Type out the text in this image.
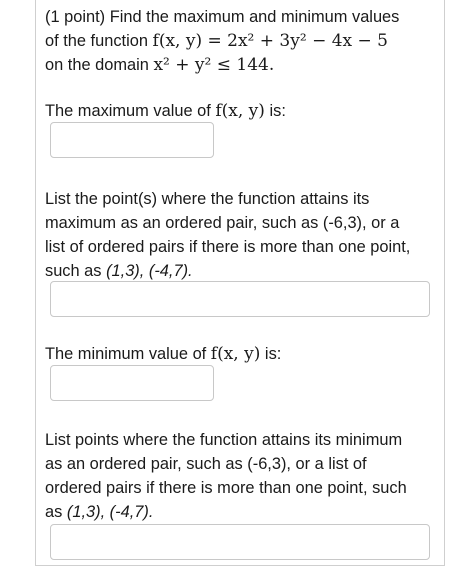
(1 point) Find the maximum and minimum values
of the function f(x, y) = 2x² + 3y² − 4x − 5
on the domain x² + y² ≤ 144.
The maximum value of f(x, y) is:
List the point(s) where the function attains its
maximum as an ordered pair, such as (-6,3), or a
list of ordered pairs if there is more than one point,
such as (1,3), (-4,7).
The minimum value of f(x, y) is:
List points where the function attains its minimum
as an ordered pair, such as (-6,3), or a list of
ordered pairs if there is more than one point, such
as (1,3), (-4,7).
